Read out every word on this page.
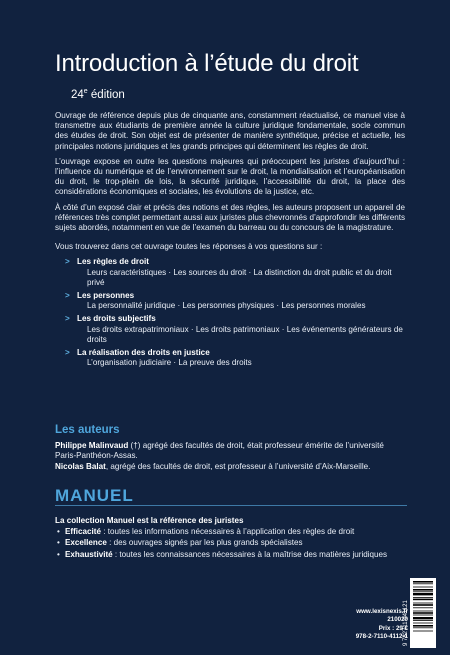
Introduction à l’étude du droit
24e édition

Ouvrage de référence depuis plus de cinquante ans, constamment réactualisé, ce manuel vise à transmettre aux étudiants de première année la culture juridique fondamentale, socle commun des études de droit. Son objet est de présenter de manière synthétique, précise et actuelle, les principales notions juridiques et les grands principes qui déterminent les règles de droit.

L’ouvrage expose en outre les questions majeures qui préoccupent les juristes d’aujourd’hui : l’influence du numérique et de l’environnement sur le droit, la mondialisation et l’européanisation du droit, le trop-plein de lois, la sécurité juridique, l’accessibilité du droit, la place des considérations économiques et sociales, les évolutions de la justice, etc.

À côté d’un exposé clair et précis des notions et des règles, les auteurs proposent un appareil de références très complet permettant aussi aux juristes plus chevronnés d’approfondir les différents sujets abordés, notamment en vue de l’examen du barreau ou du concours de la magistrature.

Vous trouverez dans cet ouvrage toutes les réponses à vos questions sur :

> Les règles de droit
Leurs caractéristiques · Les sources du droit · La distinction du droit public et du droit privé
> Les personnes
La personnalité juridique · Les personnes physiques · Les personnes morales
> Les droits subjectifs
Les droits extrapatrimoniaux · Les droits patrimoniaux · Les événements générateurs de droits
> La réalisation des droits en justice
L’organisation judiciaire · La preuve des droits
Les auteurs

Philippe Malinvaud (†) agrégé des facultés de droit, était professeur émérite de l’université Paris-Panthéon-Assas.

Nicolas Balat, agrégé des facultés de droit, est professeur à l’université d’Aix-Marseille.

MANUEL
La collection Manuel est la référence des juristes
• Efficacité : toutes les informations nécessaires à l’application des règles de droit
• Excellence : des ouvrages signés par les plus grands spécialistes
• Exhaustivité : toutes les connaissances nécessaires à la maîtrise des matières juridiques
www.lexisnexis.fr
210020
Prix : 29 €
978-2-7110-4112-1
9 782711 041121
